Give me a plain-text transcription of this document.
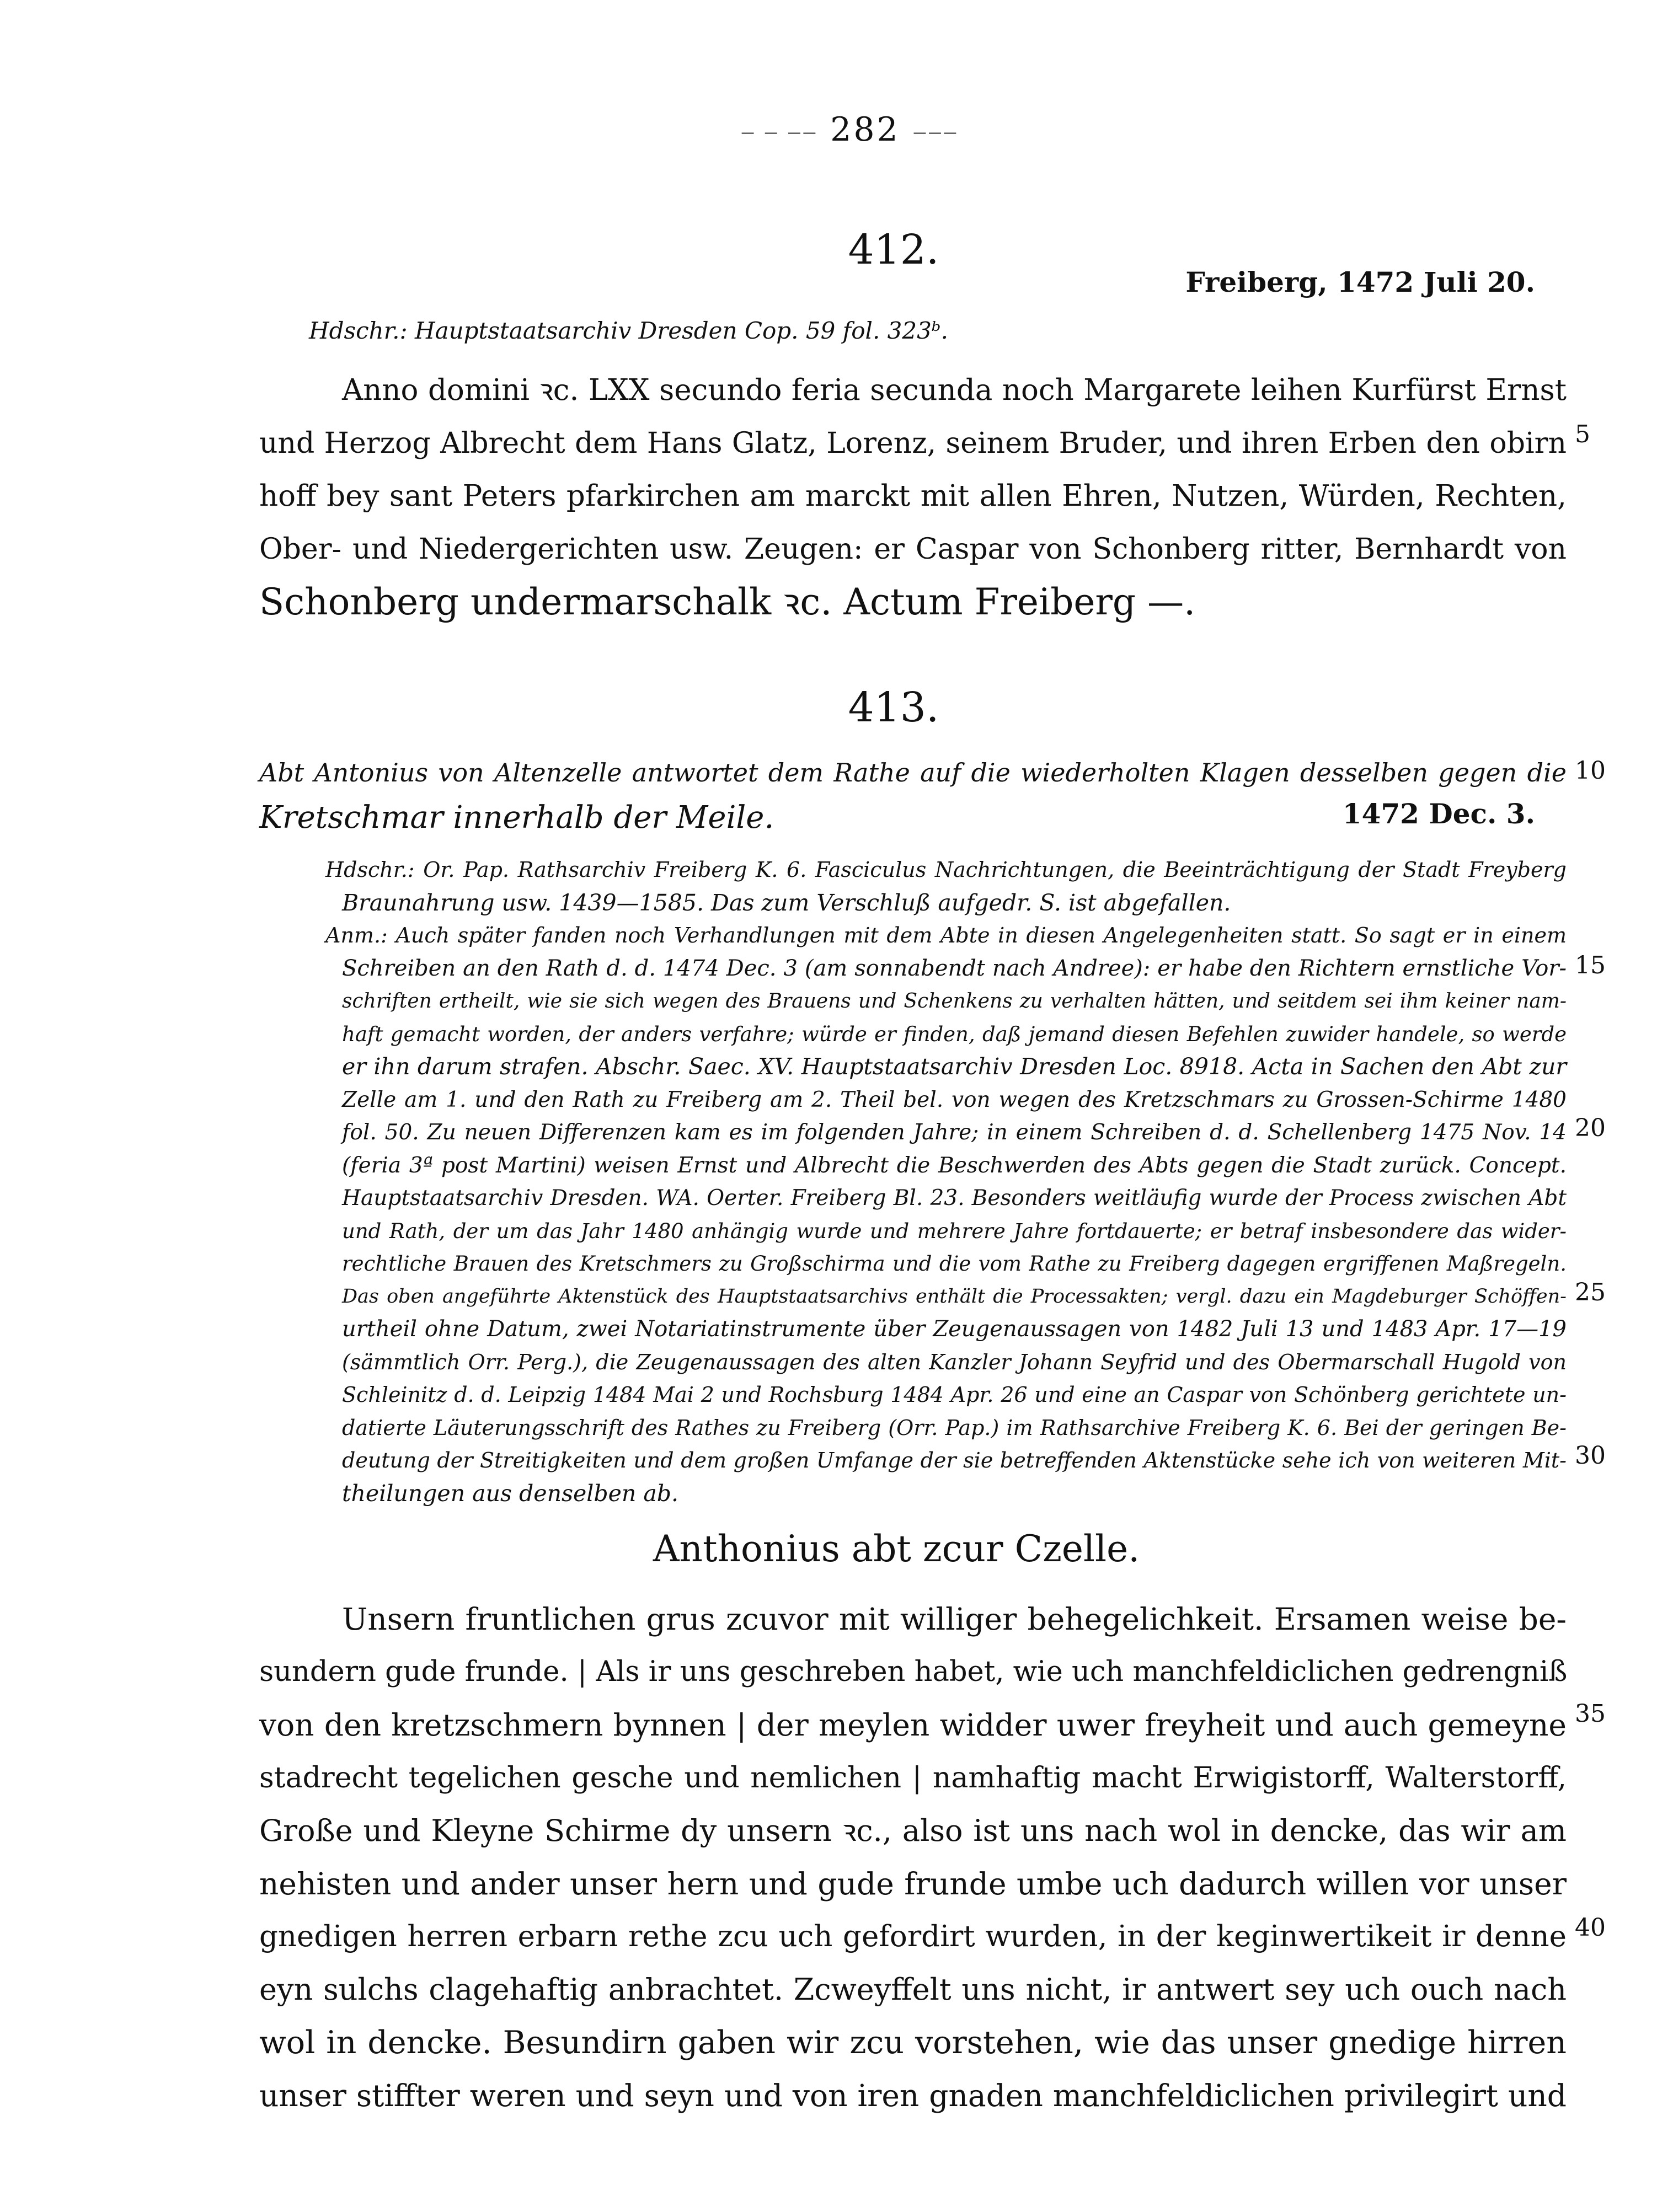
‒ ‒ ‒‒ 282 ‒‒‒
412.
Freiberg, 1472 Juli 20.
Hdschr.: Hauptstaatsarchiv Dresden Cop. 59 fol. 323ᵇ.
Anno domini ꝛc. LXX secundo feria secunda noch Margarete leihen Kurfürst Ernst
und Herzog Albrecht dem Hans Glatz, Lorenz, seinem Bruder, und ihren Erben den obirn
hoff bey sant Peters pfarkirchen am marckt mit allen Ehren, Nutzen, Würden, Rechten,
Ober- und Niedergerichten usw. Zeugen: er Caspar von Schonberg ritter, Bernhardt von
Schonberg undermarschalk ꝛc. Actum Freiberg —.
413.
Abt Antonius von Altenzelle antwortet dem Rathe auf die wiederholten Klagen desselben gegen die
Kretschmar innerhalb der Meile.	1472 Dec. 3.
Hdschr.: Or. Pap. Rathsarchiv Freiberg K. 6. Fasciculus Nachrichtungen, die Beeinträchtigung der Stadt Freyberg
Braunahrung usw. 1439—1585. Das zum Verschluß aufgedr. S. ist abgefallen.
Anm.: Auch später fanden noch Verhandlungen mit dem Abte in diesen Angelegenheiten statt. So sagt er in einem
Schreiben an den Rath d. d. 1474 Dec. 3 (am sonnabendt nach Andree): er habe den Richtern ernstliche Vor-
schriften ertheilt, wie sie sich wegen des Brauens und Schenkens zu verhalten hätten, und seitdem sei ihm keiner nam-
haft gemacht worden, der anders verfahre; würde er finden, daß jemand diesen Befehlen zuwider handele, so werde
er ihn darum strafen. Abschr. Saec. XV. Hauptstaatsarchiv Dresden Loc. 8918. Acta in Sachen den Abt zur
Zelle am 1. und den Rath zu Freiberg am 2. Theil bel. von wegen des Kretzschmars zu Grossen-Schirme 1480
fol. 50. Zu neuen Differenzen kam es im folgenden Jahre; in einem Schreiben d. d. Schellenberg 1475 Nov. 14
(feria 3ª post Martini) weisen Ernst und Albrecht die Beschwerden des Abts gegen die Stadt zurück. Concept.
Hauptstaatsarchiv Dresden. WA. Oerter. Freiberg Bl. 23. Besonders weitläufig wurde der Process zwischen Abt
und Rath, der um das Jahr 1480 anhängig wurde und mehrere Jahre fortdauerte; er betraf insbesondere das wider-
rechtliche Brauen des Kretschmers zu Großschirma und die vom Rathe zu Freiberg dagegen ergriffenen Maßregeln.
Das oben angeführte Aktenstück des Hauptstaatsarchivs enthält die Processakten; vergl. dazu ein Magdeburger Schöffen-
urtheil ohne Datum, zwei Notariatinstrumente über Zeugenaussagen von 1482 Juli 13 und 1483 Apr. 17—19
(sämmtlich Orr. Perg.), die Zeugenaussagen des alten Kanzler Johann Seyfrid und des Obermarschall Hugold von
Schleinitz d. d. Leipzig 1484 Mai 2 und Rochsburg 1484 Apr. 26 und eine an Caspar von Schönberg gerichtete un-
datierte Läuterungsschrift des Rathes zu Freiberg (Orr. Pap.) im Rathsarchive Freiberg K. 6. Bei der geringen Be-
deutung der Streitigkeiten und dem großen Umfange der sie betreffenden Aktenstücke sehe ich von weiteren Mit-
theilungen aus denselben ab.
Anthonius abt zcur Czelle.
Unsern fruntlichen grus zcuvor mit williger behegelichkeit. Ersamen weise be-
sundern gude frunde. | Als ir uns geschreben habet, wie uch manchfeldiclichen gedrengniß
von den kretzschmern bynnen | der meylen widder uwer freyheit und auch gemeyne
stadrecht tegelichen gesche und nemlichen | namhaftig macht Erwigistorff, Walterstorff,
Große und Kleyne Schirme dy unsern ꝛc., also ist uns nach wol in dencke, das wir am
nehisten und ander unser hern und gude frunde umbe uch dadurch willen vor unser
gnedigen herren erbarn rethe zcu uch gefordirt wurden, in der keginwertikeit ir denne
eyn sulchs clagehaftig anbrachtet. Zcweyffelt uns nicht, ir antwert sey uch ouch nach
wol in dencke. Besundirn gaben wir zcu vorstehen, wie das unser gnedige hirren
unser stiffter weren und seyn und von iren gnaden manchfeldiclichen privilegirt und
5
10
15
20
25
30
35
40
